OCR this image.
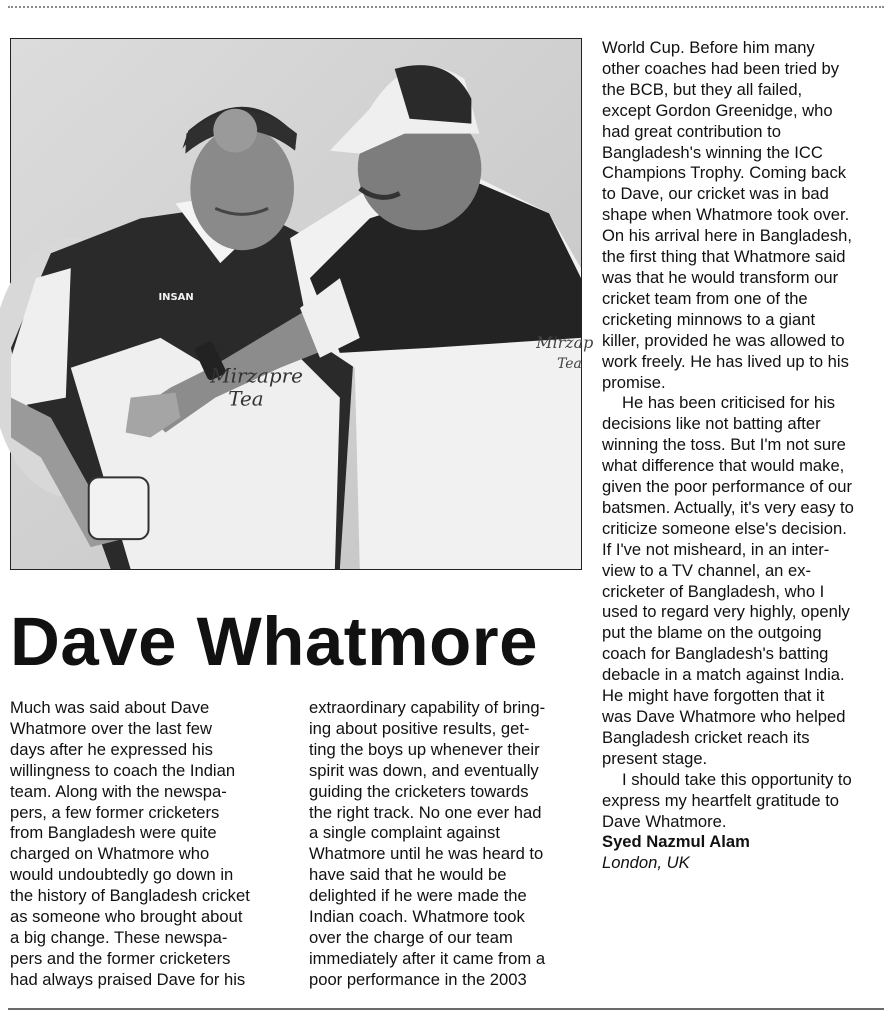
INSAN
Mirzapre
Tea
Mirzap
Tea
Dave Whatmore
Much was said about Dave
Whatmore over the last few
days after he expressed his
willingness to coach the Indian
team. Along with the newspa-
pers, a few former cricketers
from Bangladesh were quite
charged on Whatmore who
would undoubtedly go down in
the history of Bangladesh cricket
as someone who brought about
a big change. These newspa-
pers and the former cricketers
had always praised Dave for his
extraordinary capability of bring-
ing about positive results, get-
ting the boys up whenever their
spirit was down, and eventually
guiding the cricketers towards
the right track. No one ever had
a single complaint against
Whatmore until he was heard to
have said that he would be
delighted if he were made the
Indian coach. Whatmore took
over the charge of our team
immediately after it came from a
poor performance in the 2003
World Cup. Before him many
other coaches had been tried by
the BCB, but they all failed,
except Gordon Greenidge, who
had great contribution to
Bangladesh's winning the ICC
Champions Trophy. Coming back
to Dave, our cricket was in bad
shape when Whatmore took over.
On his arrival here in Bangladesh,
the first thing that Whatmore said
was that he would transform our
cricket team from one of the
cricketing minnows to a giant
killer, provided he was allowed to
work freely. He has lived up to his
promise.
He has been criticised for his
decisions like not batting after
winning the toss. But I'm not sure
what difference that would make,
given the poor performance of our
batsmen. Actually, it's very easy to
criticize someone else's decision.
If I've not misheard, in an inter-
view to a TV channel, an ex-
cricketer of Bangladesh, who I
used to regard very highly, openly
put the blame on the outgoing
coach for Bangladesh's batting
debacle in a match against India.
He might have forgotten that it
was Dave Whatmore who helped
Bangladesh cricket reach its
present stage.
I should take this opportunity to
express my heartfelt gratitude to
Dave Whatmore.
Syed Nazmul Alam
London, UK
